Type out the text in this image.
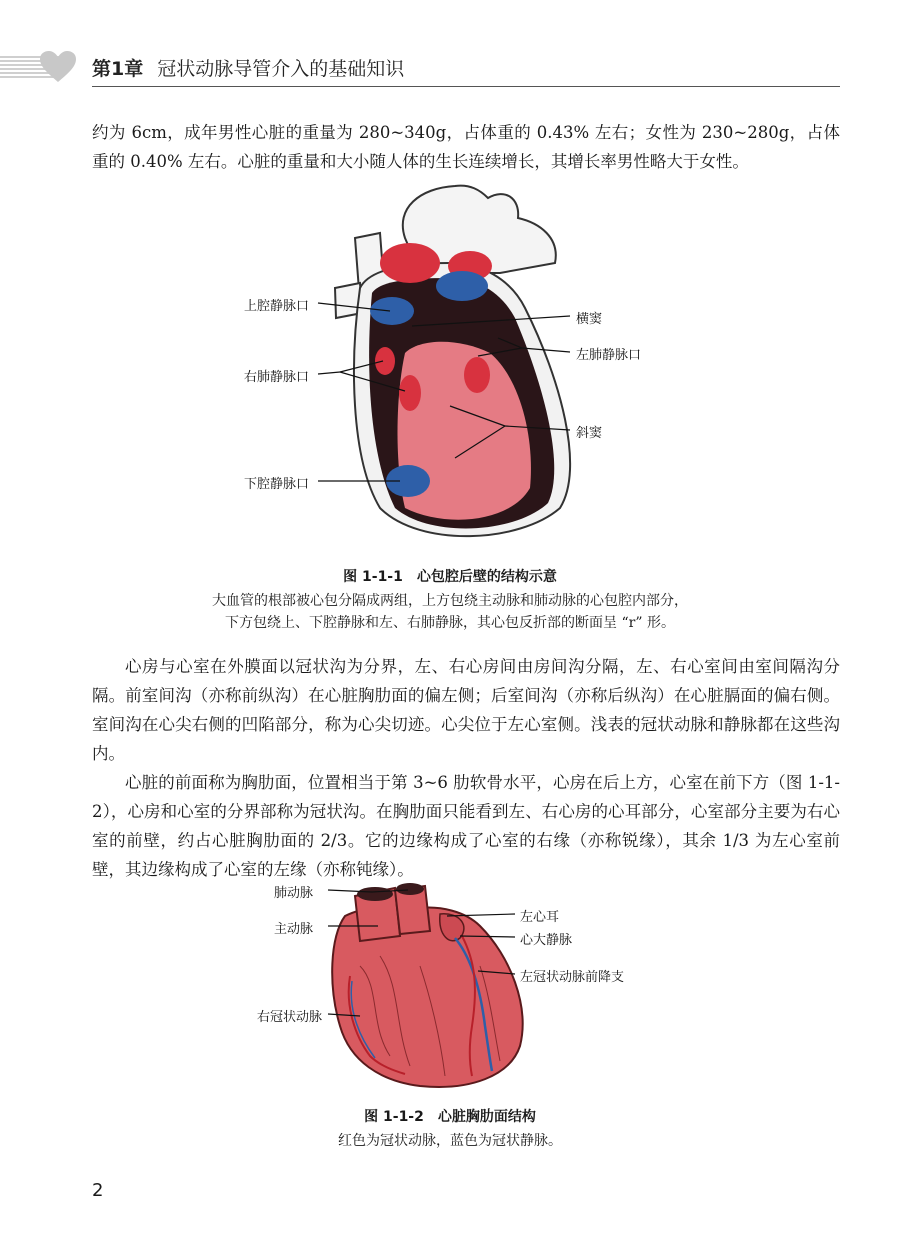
第1章 冠状动脉导管介入的基础知识

约为 6cm，成年男性心脏的重量为 280~340g，占体重的 0.43% 左右；女性为 230~280g，占体重的 0.40% 左右。心脏的重量和大小随人体的生长连续增长，其增长率男性略大于女性。

上腔静脉口
横窦
左肺静脉口
右肺静脉口
斜窦
下腔静脉口
图 1-1-1　心包腔后壁的结构示意
大血管的根部被心包分隔成两组，上方包绕主动脉和肺动脉的心包腔内部分，
下方包绕上、下腔静脉和左、右肺静脉，其心包反折部的断面呈 “r” 形。

心房与心室在外膜面以冠状沟为分界，左、右心房间由房间沟分隔，左、右心室间由室间隔沟分隔。前室间沟（亦称前纵沟）在心脏胸肋面的偏左侧；后室间沟（亦称后纵沟）在心脏膈面的偏右侧。室间沟在心尖右侧的凹陷部分，称为心尖切迹。心尖位于左心室侧。浅表的冠状动脉和静脉都在这些沟内。

心脏的前面称为胸肋面，位置相当于第 3~6 肋软骨水平，心房在后上方，心室在前下方（图 1-1-2），心房和心室的分界部称为冠状沟。在胸肋面只能看到左、右心房的心耳部分，心室部分主要为右心室的前壁，约占心脏胸肋面的 2/3。它的边缘构成了心室的右缘（亦称锐缘），其余 1/3 为左心室前壁，其边缘构成了心室的左缘（亦称钝缘）。

肺动脉
主动脉
左心耳
心大静脉
左冠状动脉前降支
右冠状动脉
图 1-1-2　心脏胸肋面结构
红色为冠状动脉，蓝色为冠状静脉。
2
